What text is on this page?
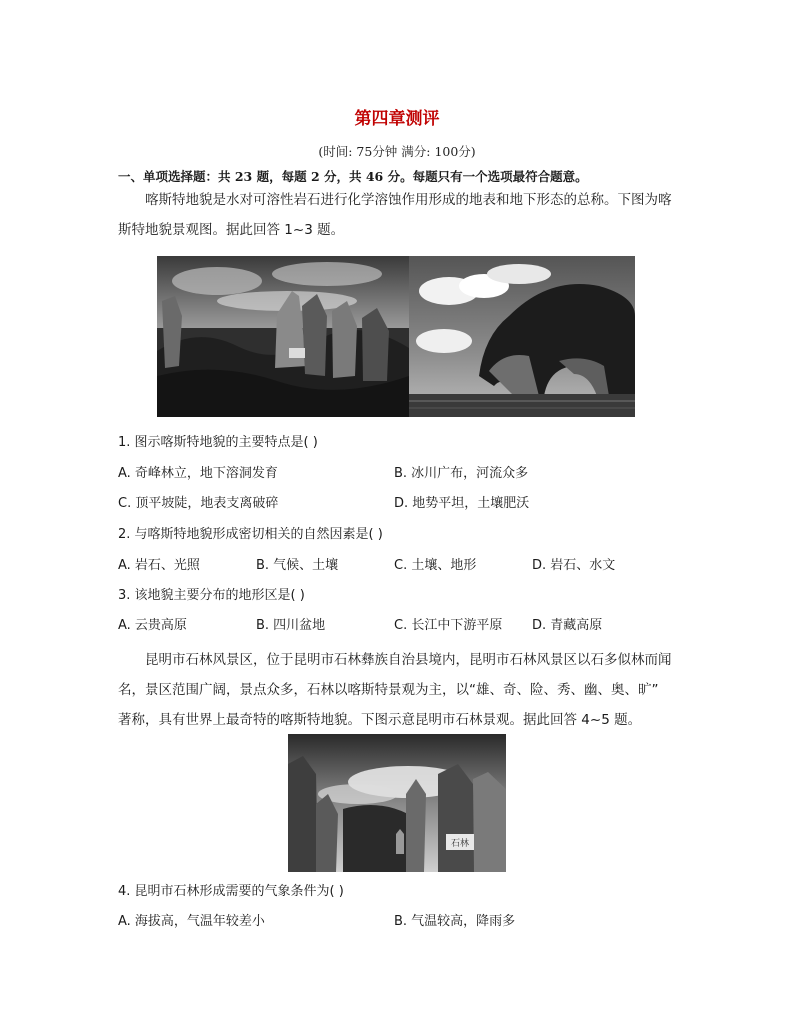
第四章测评
(时间: 75分钟 满分: 100分)
一、单项选择题：共 23 题，每题 2 分，共 46 分。每题只有一个选项最符合题意。
喀斯特地貌是水对可溶性岩石进行化学溶蚀作用形成的地表和地下形态的总称。下图为喀
斯特地貌景观图。据此回答 1~3 题。
1. 图示喀斯特地貌的主要特点是( )
A. 奇峰林立，地下溶洞发育	B. 冰川广布，河流众多
C. 顶平坡陡，地表支离破碎	D. 地势平坦，土壤肥沃
2. 与喀斯特地貌形成密切相关的自然因素是( )
A. 岩石、光照	B. 气候、土壤	C. 土壤、地形	D. 岩石、水文
3. 该地貌主要分布的地形区是( )
A. 云贵高原	B. 四川盆地	C. 长江中下游平原 D. 青藏高原
昆明市石林风景区，位于昆明市石林彝族自治县境内，昆明市石林风景区以石多似林而闻
名，景区范围广阔，景点众多，石林以喀斯特景观为主，以“雄、奇、险、秀、幽、奥、旷”
著称，具有世界上最奇特的喀斯特地貌。下图示意昆明市石林景观。据此回答 4~5 题。
石林
4. 昆明市石林形成需要的气象条件为( )
A. 海拔高，气温年较差小	B. 气温较高，降雨多
